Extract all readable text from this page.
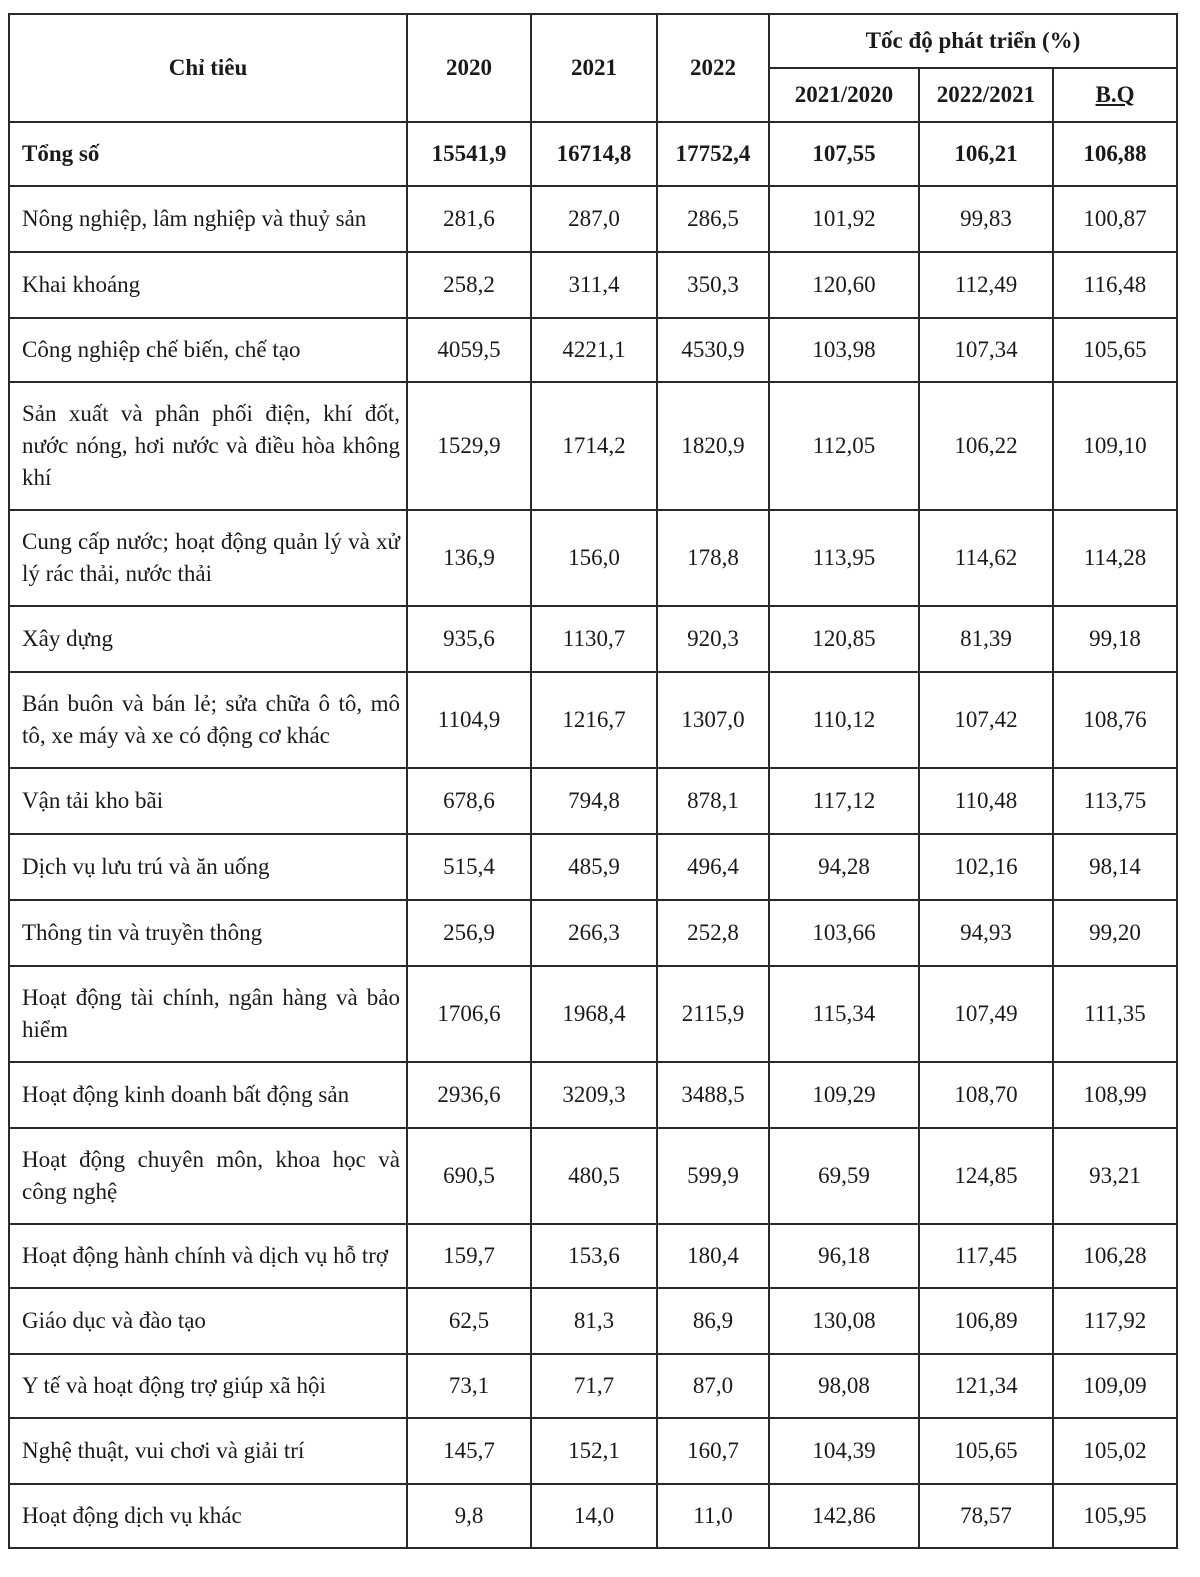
Chỉ tiêu	2020	2021	2022	Tốc độ phát triển (%)		
				2021/2020	2022/2021	B.Q
Tổng số	15541,9	16714,8	17752,4	107,55	106,21	106,88
Nông nghiệp, lâm nghiệp và thuỷ sản	281,6	287,0	286,5	101,92	99,83	100,87
Khai khoáng	258,2	311,4	350,3	120,60	112,49	116,48
Công nghiệp chế biến, chế tạo	4059,5	4221,1	4530,9	103,98	107,34	105,65
Sản xuất và phân phối điện, khí đốt, nước nóng, hơi nước và điều hòa không khí	1529,9	1714,2	1820,9	112,05	106,22	109,10
Cung cấp nước; hoạt động quản lý và xử lý rác thải, nước thải	136,9	156,0	178,8	113,95	114,62	114,28
Xây dựng	935,6	1130,7	920,3	120,85	81,39	99,18
Bán buôn và bán lẻ; sửa chữa ô tô, mô tô, xe máy và xe có động cơ khác	1104,9	1216,7	1307,0	110,12	107,42	108,76
Vận tải kho bãi	678,6	794,8	878,1	117,12	110,48	113,75
Dịch vụ lưu trú và ăn uống	515,4	485,9	496,4	94,28	102,16	98,14
Thông tin và truyền thông	256,9	266,3	252,8	103,66	94,93	99,20
Hoạt động tài chính, ngân hàng và bảo hiểm	1706,6	1968,4	2115,9	115,34	107,49	111,35
Hoạt động kinh doanh bất động sản	2936,6	3209,3	3488,5	109,29	108,70	108,99
Hoạt động chuyên môn, khoa học và công nghệ	690,5	480,5	599,9	69,59	124,85	93,21
Hoạt động hành chính và dịch vụ hỗ trợ	159,7	153,6	180,4	96,18	117,45	106,28
Giáo dục và đào tạo	62,5	81,3	86,9	130,08	106,89	117,92
Y tế và hoạt động trợ giúp xã hội	73,1	71,7	87,0	98,08	121,34	109,09
Nghệ thuật, vui chơi và giải trí	145,7	152,1	160,7	104,39	105,65	105,02
Hoạt động dịch vụ khác	9,8	14,0	11,0	142,86	78,57	105,95
